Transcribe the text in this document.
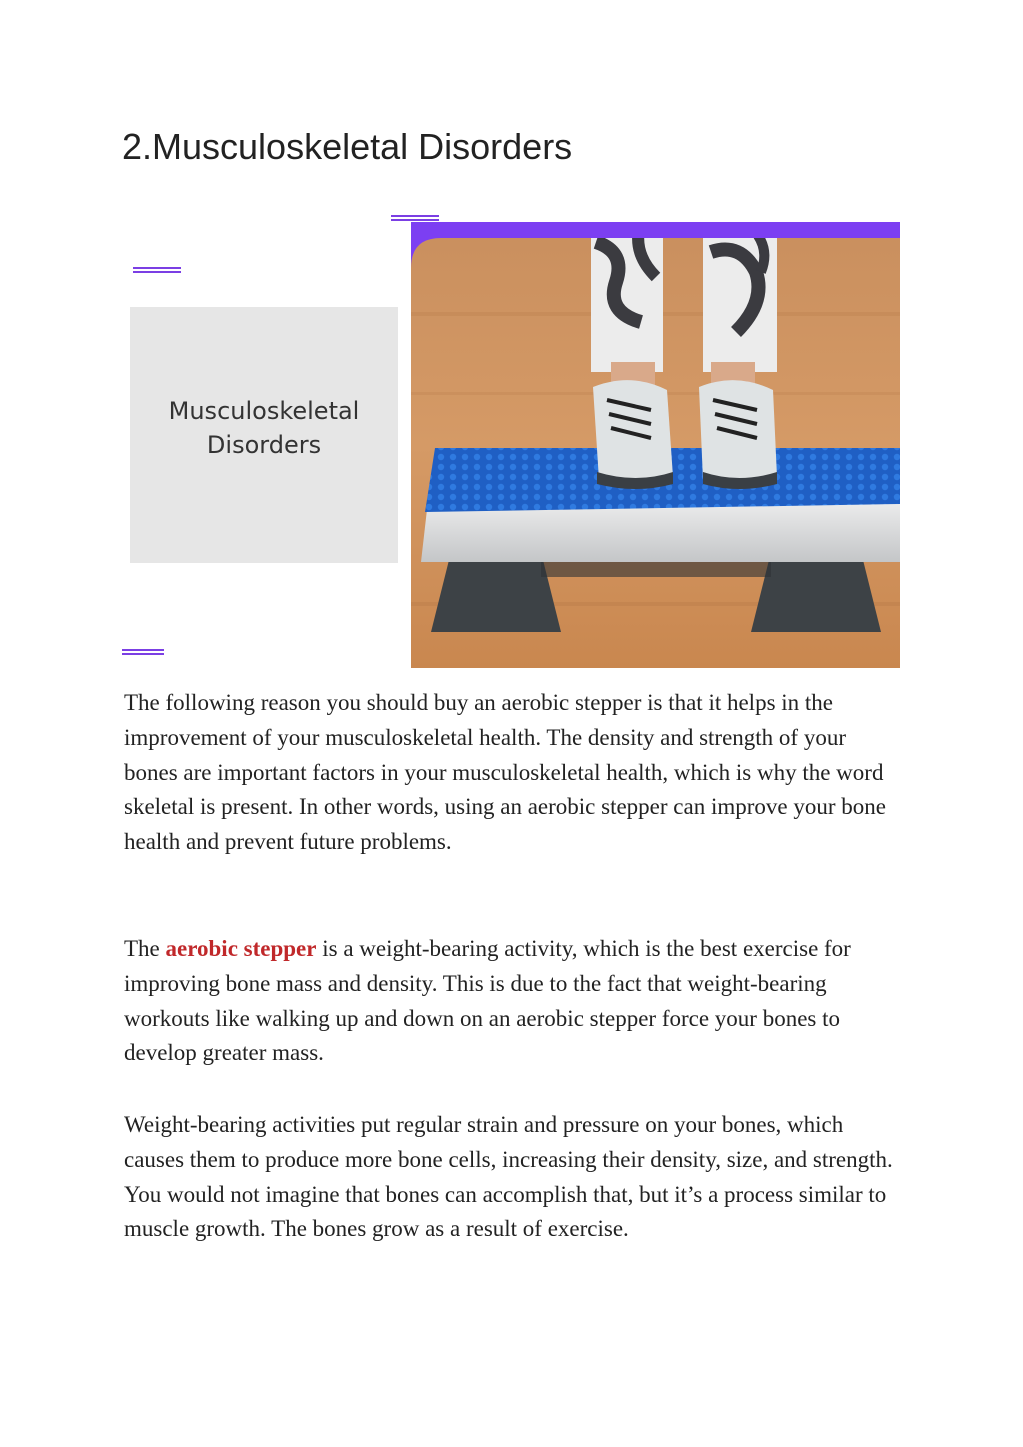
2.Musculoskeletal Disorders
Musculoskeletal
Disorders

The following reason you should buy an aerobic stepper is that it helps in the improvement of your musculoskeletal health. The density and strength of your bones are important factors in your musculoskeletal health, which is why the word skeletal is present. In other words, using an aerobic stepper can improve your bone health and prevent future problems.

The aerobic stepper is a weight-bearing activity, which is the best exercise for improving bone mass and density. This is due to the fact that weight-bearing workouts like walking up and down on an aerobic stepper force your bones to develop greater mass.

Weight-bearing activities put regular strain and pressure on your bones, which causes them to produce more bone cells, increasing their density, size, and strength. You would not imagine that bones can accomplish that, but it’s a process similar to muscle growth. The bones grow as a result of exercise.
